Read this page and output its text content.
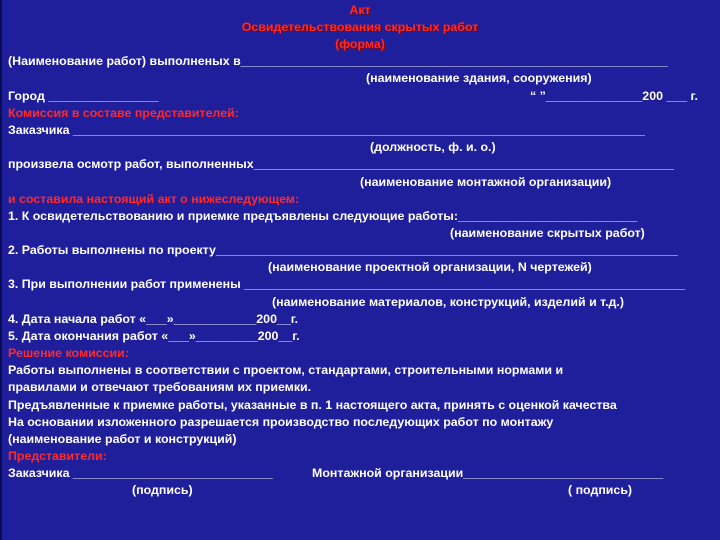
Акт
Освидетельствования скрытых работ
(форма)
(Наименование работ) выполненых в______________________________________________________________
(наименование здания, сооружения)
Город ________________	“ ”______________200 ___ г.
Комиссия в составе представителей:
Заказчика ___________________________________________________________________________________
(должность, ф. и. о.)
произвела осмотр работ, выполненных_____________________________________________________________
(наименование монтажной организации)
и составила настоящий акт о нижеследующем:
1. К освидетельствованию и приемке предъявлены следующие работы:__________________________
(наименование скрытых работ)
2. Работы выполнены по проекту___________________________________________________________________
(наименование проектной организации, N чертежей)
3. При выполнении работ применены ________________________________________________________________
(наименование материалов, конструкций, изделий и т.д.)
4. Дата начала работ «___»____________200__г.
5. Дата окончания работ «___»_________200__г.
Решение комиссии:
Работы выполнены в соответствии с проектом, стандартами, строительными нормами и
правилами и отвечают требованиям их приемки.
Предъявленные к приемке работы, указанные в п. 1 настоящего акта, принять с оценкой качества
На основании изложенного разрешается производство последующих работ по монтажу
(наименование работ и конструкций)
Представители:
Заказчика _____________________________	Монтажной организации_____________________________
(подпись)	( подпись)
